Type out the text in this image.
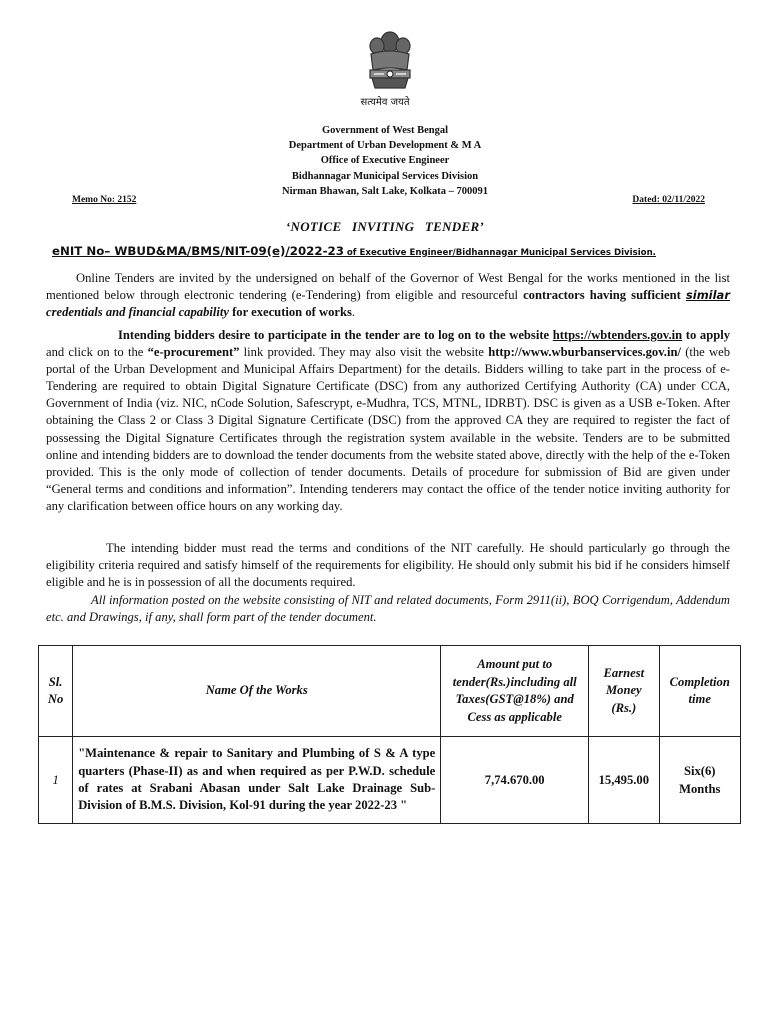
सत्यमेव जयते
Government of West Bengal
Department of Urban Development & M A
Office of Executive Engineer
Bidhannagar Municipal Services Division
Nirman Bhawan, Salt Lake, Kolkata – 700091
Memo No: 2152	Dated: 02/11/2022
‘NOTICE INVITING TENDER’
eNIT No– WBUD&MA/BMS/NIT-09(e)/2022-23 of Executive Engineer/Bidhannagar Municipal Services Division.
Online Tenders are invited by the undersigned on behalf of the Governor of West Bengal for the works mentioned in the list mentioned below through electronic tendering (e-Tendering) from eligible and resourceful contractors having sufficient similar credentials and financial capability for execution of works.
Intending bidders desire to participate in the tender are to log on to the website https://wbtenders.gov.in to apply and click on to the “e-procurement” link provided. They may also visit the website http://www.wburbanservices.gov.in/ (the web portal of the Urban Development and Municipal Affairs Department) for the details. Bidders willing to take part in the process of e-Tendering are required to obtain Digital Signature Certificate (DSC) from any authorized Certifying Authority (CA) under CCA, Government of India (viz. NIC, nCode Solution, Safescrypt, e-Mudhra, TCS, MTNL, IDRBT). DSC is given as a USB e-Token. After obtaining the Class 2 or Class 3 Digital Signature Certificate (DSC) from the approved CA they are required to register the fact of possessing the Digital Signature Certificates through the registration system available in the website. Tenders are to be submitted online and intending bidders are to download the tender documents from the website stated above, directly with the help of the e-Token provided. This is the only mode of collection of tender documents. Details of procedure for submission of Bid are given under “General terms and conditions and information”. Intending tenderers may contact the office of the tender notice inviting authority for any clarification between office hours on any working day.
The intending bidder must read the terms and conditions of the NIT carefully. He should particularly go through the eligibility criteria required and satisfy himself of the requirements for eligibility. He should only submit his bid if he considers himself eligible and he is in possession of all the documents required.
All information posted on the website consisting of NIT and related documents, Form 2911(ii), BOQ Corrigendum, Addendum etc. and Drawings, if any, shall form part of the tender document.
Sl. No	Name Of the Works	Amount put to tender(Rs.)including all Taxes(GST@18%) and Cess as applicable	Earnest Money (Rs.)	Completion time
1	"Maintenance & repair to Sanitary and Plumbing of S & A type quarters (Phase-II) as and when required as per P.W.D. schedule of rates at Srabani Abasan under Salt Lake Drainage Sub-Division of B.M.S. Division, Kol-91 during the year 2022-23 "	7,74.670.00	15,495.00	Six(6) Months
